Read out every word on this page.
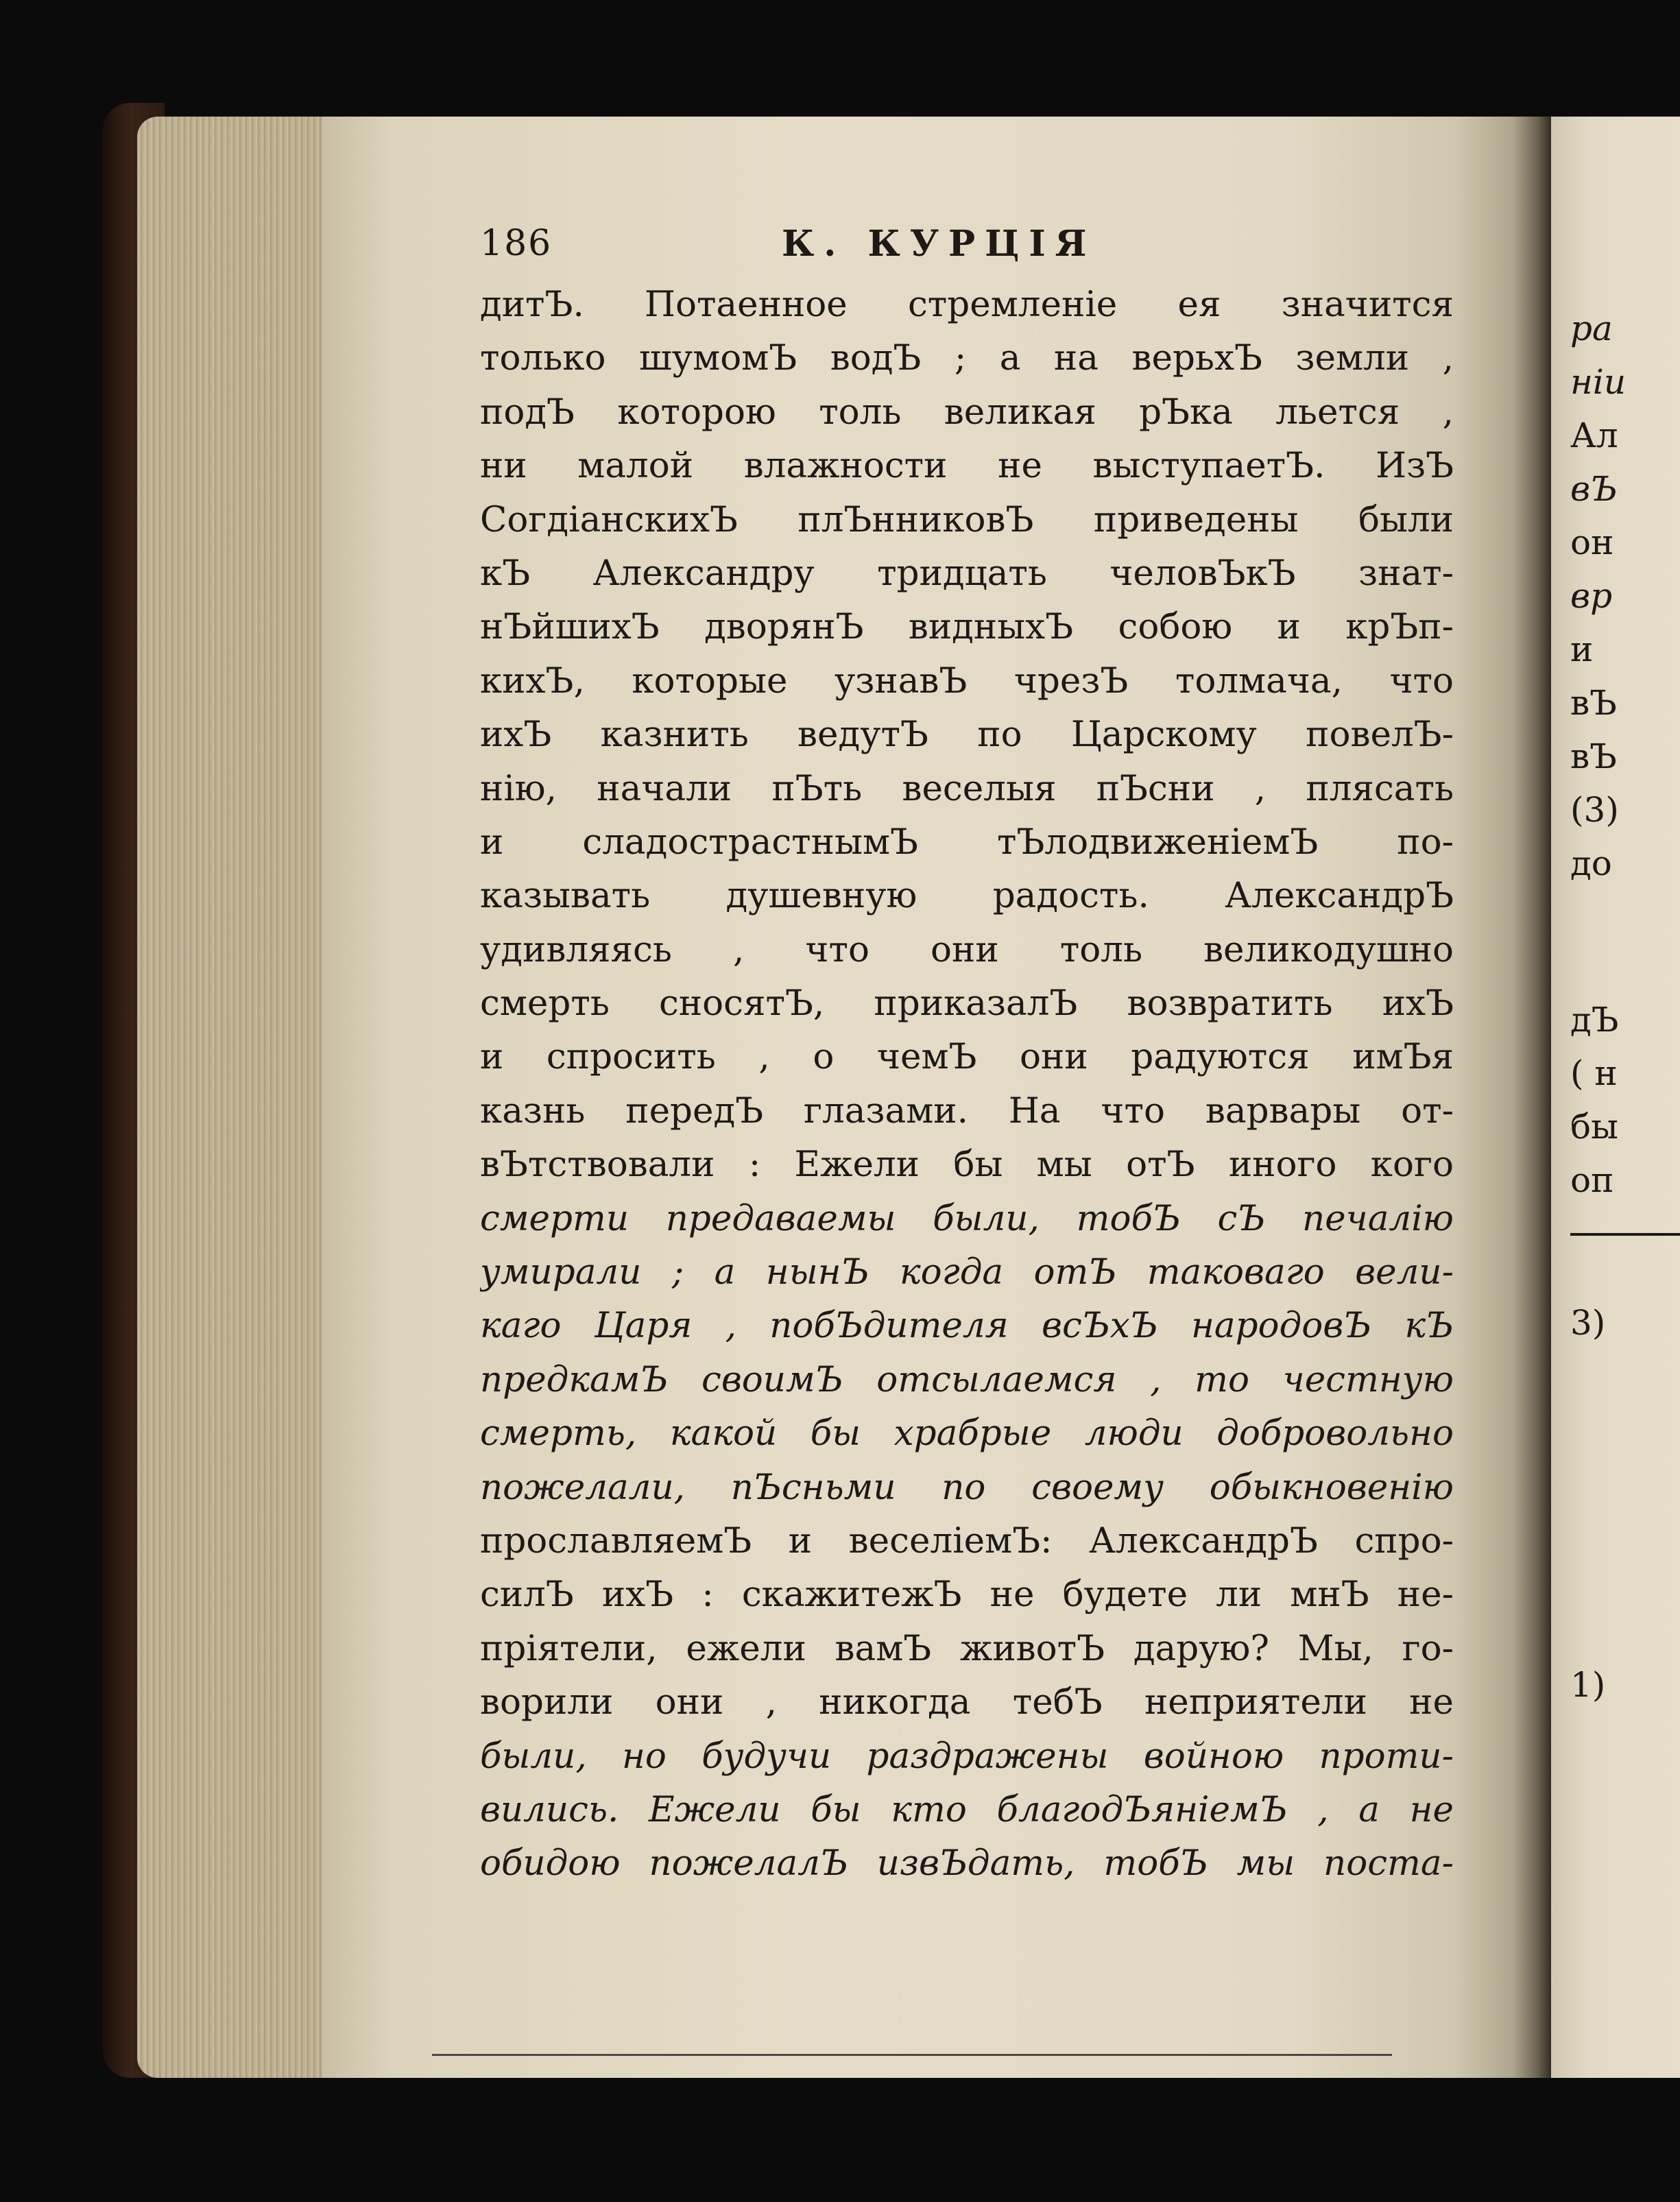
186	К. КУРЦІЯ
дитЪ. Потаенное стремленіе ея значится
только шумомЪ водЪ ; а на верьхЪ земли ,
подЪ которою толь великая рЪка льется ,
ни малой влажности не выступаетЪ. ИзЪ
СогдіанскихЪ плЪнниковЪ приведены были
кЪ Александру тридцать человЪкЪ знат-
нЪйшихЪ дворянЪ видныхЪ собою и крЪп-
кихЪ, которые узнавЪ чрезЪ толмача, что
ихЪ казнить ведутЪ по Царскому повелЪ-
нію, начали пЪть веселыя пЪсни , плясать
и сладострастнымЪ тЪлодвиженіемЪ по-
казывать душевную радость. АлександрЪ
удивляясь , что они толь великодушно
смерть сносятЪ, приказалЪ возвратить ихЪ
и спросить , о чемЪ они радуются имЪя
казнь передЪ глазами. На что варвары от-
вЪтствовали : Ежели бы мы отЪ иного кого
смерти предаваемы были, тобЪ сЪ печалію
умирали ; а нынЪ когда отЪ таковаго вели-
каго Царя , побЪдителя всЪхЪ народовЪ кЪ
предкамЪ своимЪ отсылаемся , то честную
смерть, какой бы храбрые люди добровольно
пожелали, пЪсньми по своему обыкновенію
прославляемЪ и веселіемЪ: АлександрЪ спро-
силЪ ихЪ : скажитежЪ не будете ли мнЪ не-
пріятели, ежели вамЪ животЪ дарую? Мы, го-
ворили они , никогда тебЪ неприятели не
были, но будучи раздражены войною проти-
вились. Ежели бы кто благодЪяніемЪ , а не
обидою пожелалЪ извЪдать, тобЪ мы поста-
ра
ніи
Ал
вЪ
он
вр
и
вЪ
вЪ
(3)
до
дЪ
( н
бы
оп
3)
1)
